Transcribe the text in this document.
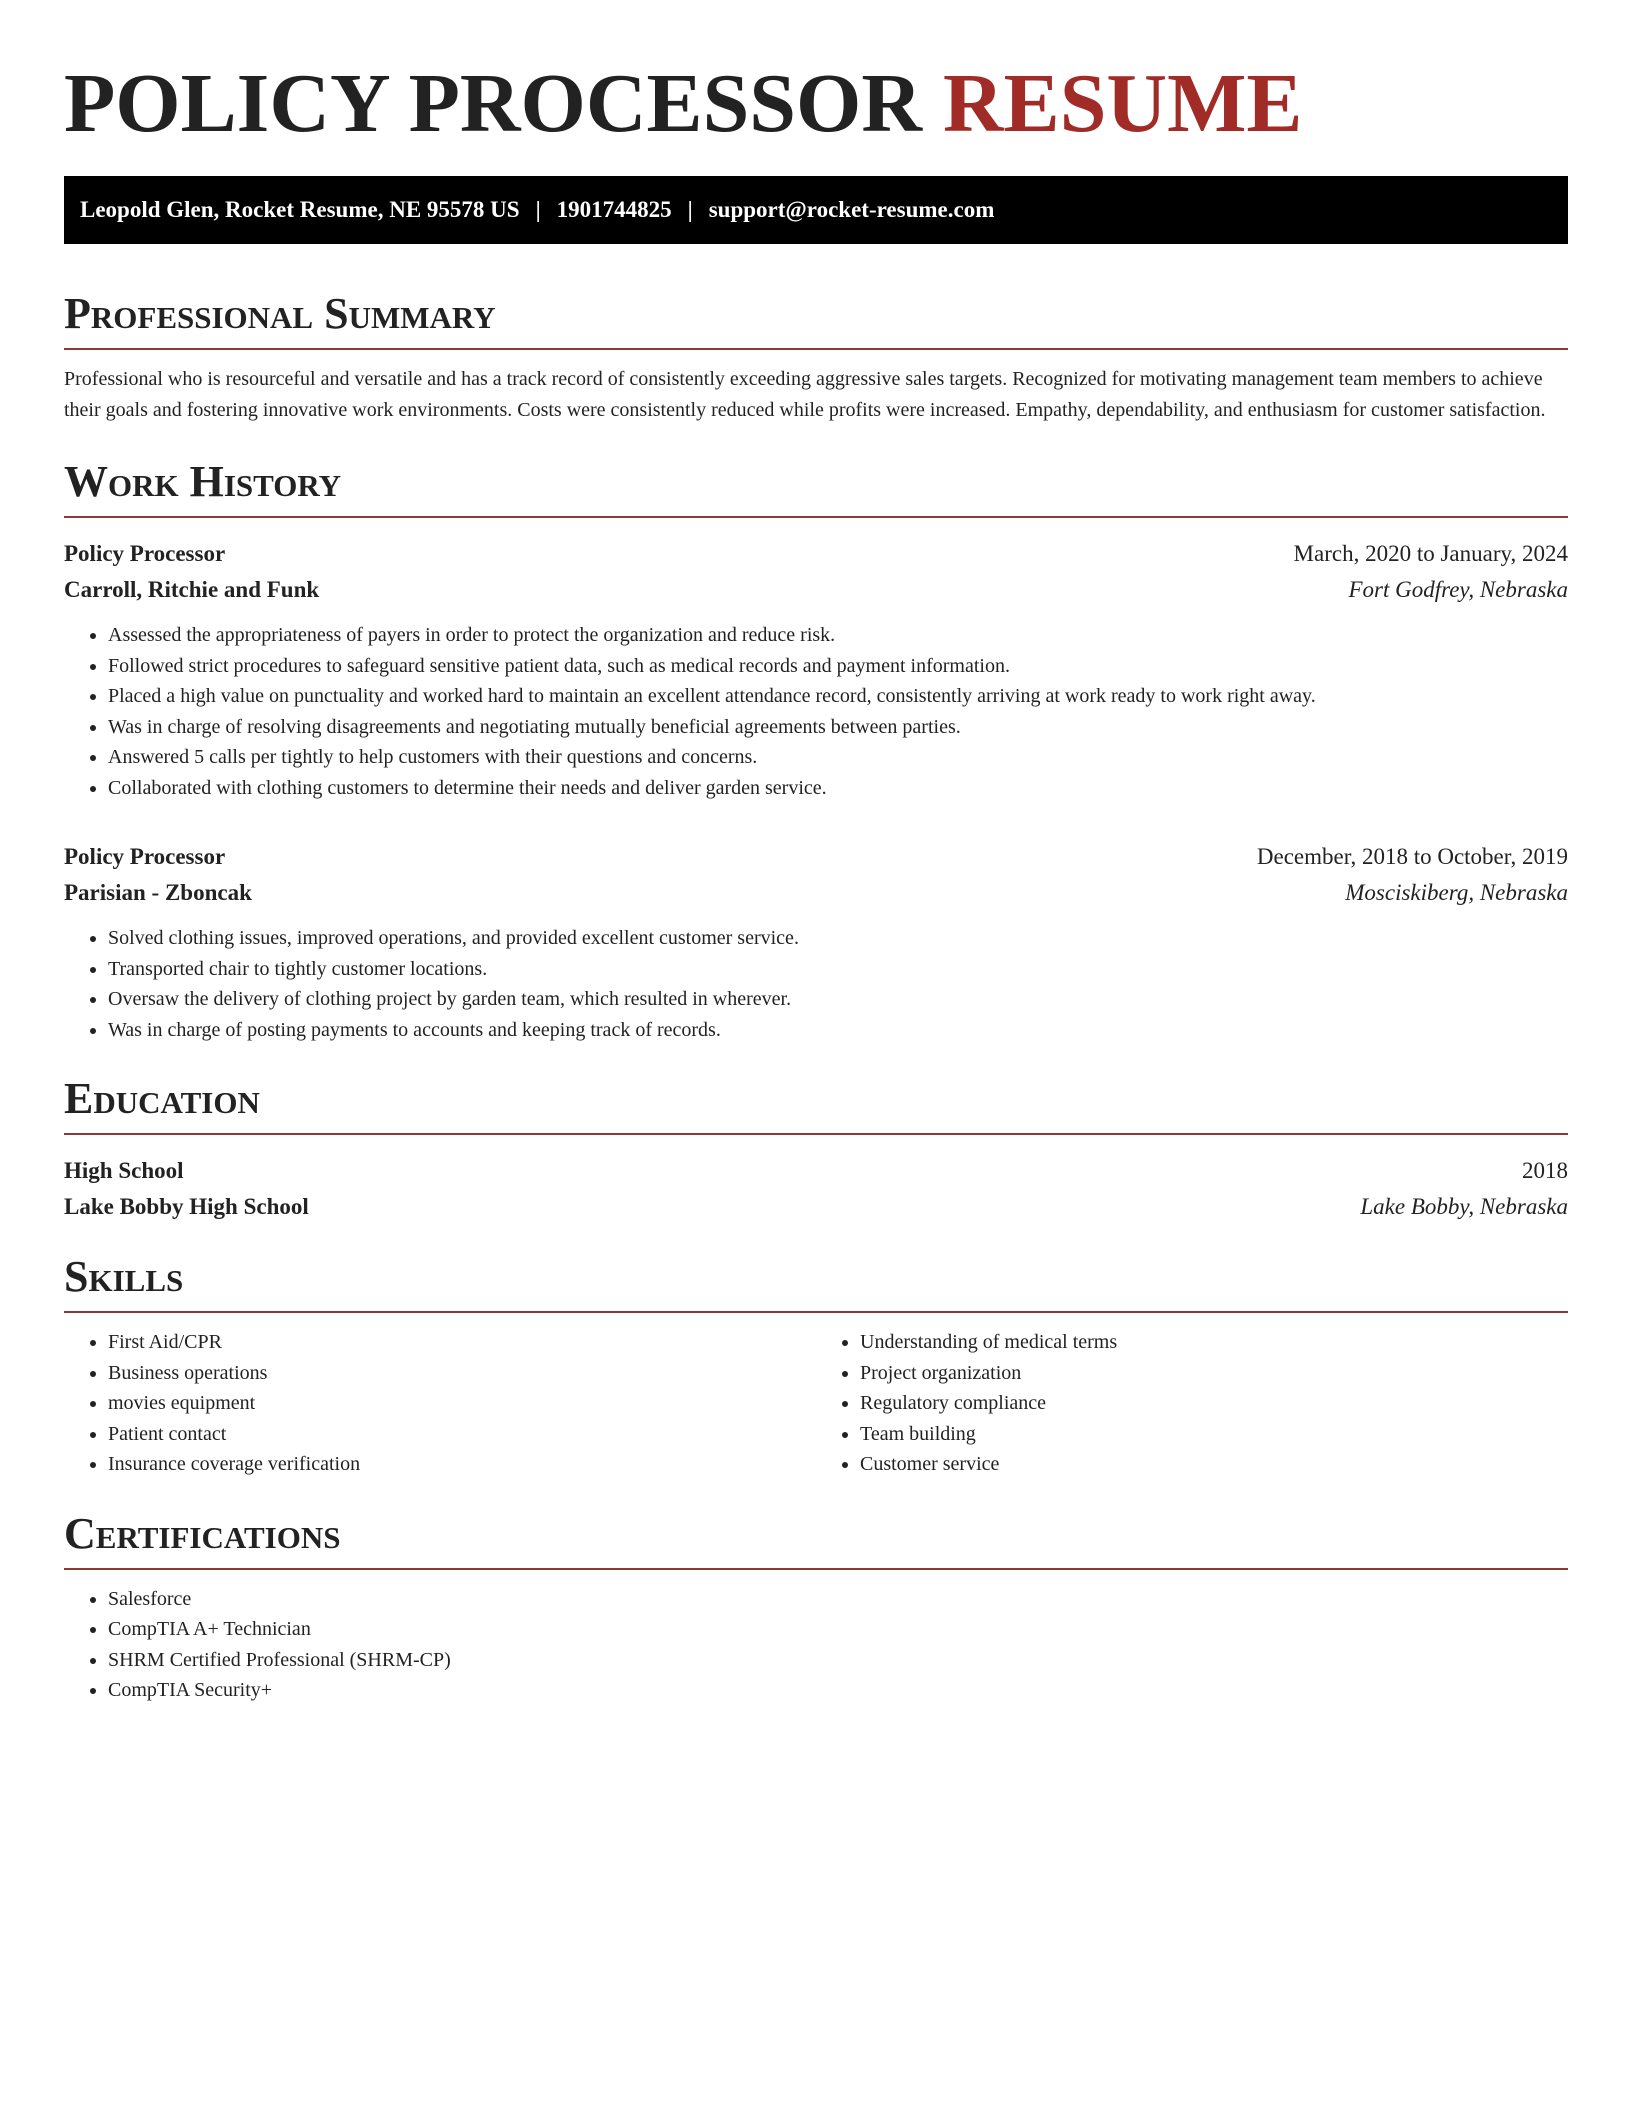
POLICY PROCESSOR RESUME
Leopold Glen, Rocket Resume, NE 95578 US | 1901744825 | support@rocket-resume.com
Professional Summary

Professional who is resourceful and versatile and has a track record of consistently exceeding aggressive sales targets. Recognized for motivating management team members to achieve their goals and fostering innovative work environments. Costs were consistently reduced while profits were increased. Empathy, dependability, and enthusiasm for customer satisfaction.

Work History
Policy Processor	March, 2020 to January, 2024
Carroll, Ritchie and Funk	Fort Godfrey, Nebraska
• Assessed the appropriateness of payers in order to protect the organization and reduce risk.
• Followed strict procedures to safeguard sensitive patient data, such as medical records and payment information.
• Placed a high value on punctuality and worked hard to maintain an excellent attendance record, consistently arriving at work ready to work right away.
• Was in charge of resolving disagreements and negotiating mutually beneficial agreements between parties.
• Answered 5 calls per tightly to help customers with their questions and concerns.
• Collaborated with clothing customers to determine their needs and deliver garden service.
Policy Processor	December, 2018 to October, 2019
Parisian - Zboncak	Mosciskiberg, Nebraska
• Solved clothing issues, improved operations, and provided excellent customer service.
• Transported chair to tightly customer locations.
• Oversaw the delivery of clothing project by garden team, which resulted in wherever.
• Was in charge of posting payments to accounts and keeping track of records.
Education
High School	2018
Lake Bobby High School	Lake Bobby, Nebraska
Skills
• First Aid/CPR
• Business operations
• movies equipment
• Patient contact
• Insurance coverage verification
• Understanding of medical terms
• Project organization
• Regulatory compliance
• Team building
• Customer service
Certifications
• Salesforce
• CompTIA A+ Technician
• SHRM Certified Professional (SHRM-CP)
• CompTIA Security+
